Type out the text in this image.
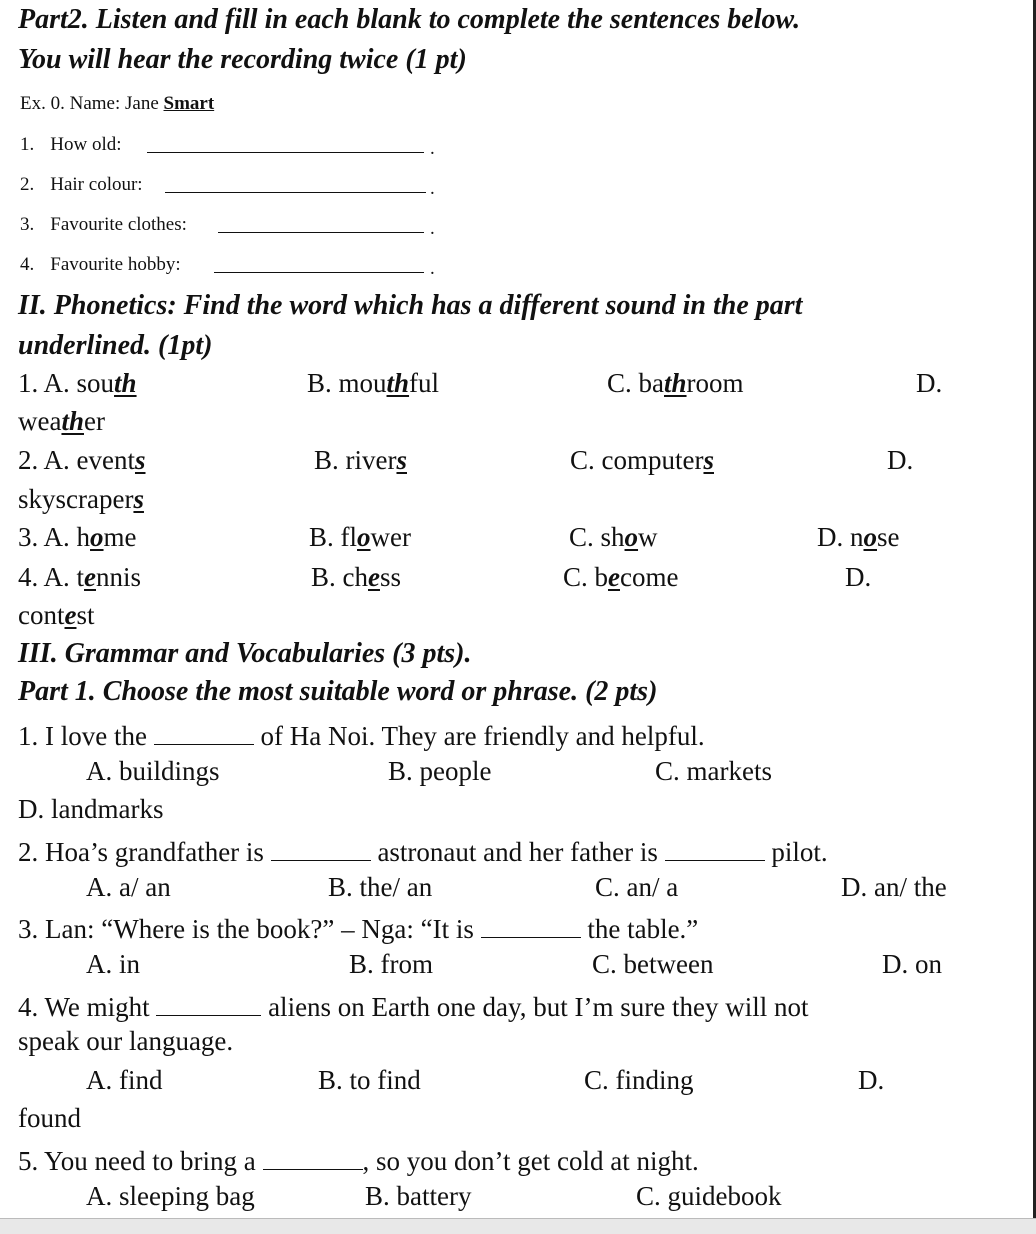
Part2. Listen and fill in each blank to complete the sentences below.
You will hear the recording twice (1 pt)
Ex. 0. Name: Jane Smart
1. How old:	.
2. Hair colour:	.
3. Favourite clothes:	.
4. Favourite hobby:	.
II. Phonetics: Find the word which has a different sound in the part
underlined. (1pt)
1. A. south	B. mouthful	C. bathroom	D.
weather
2. A. events	B. rivers	C. computers	D.
skyscrapers
3. A. home	B. flower	C. show	D. nose
4. A. tennis	B. chess	C. become	D.
contest
III. Grammar and Vocabularies (3 pts).
Part 1. Choose the most suitable word or phrase. (2 pts)
1. I love the	of Ha Noi. They are friendly and helpful.
A. buildings	B. people	C. markets
D. landmarks
2. Hoa’s grandfather is	astronaut and her father is	pilot.
A. a/ an	B. the/ an	C. an/ a	D. an/ the
3. Lan: “Where is the book?” – Nga: “It is	the table.”
A. in	B. from	C. between	D. on
4. We might	aliens on Earth one day, but I’m sure they will not
speak our language.
A. find	B. to find	C. finding	D.
found
5. You need to bring a	, so you don’t get cold at night.
A. sleeping bag	B. battery	C. guidebook
